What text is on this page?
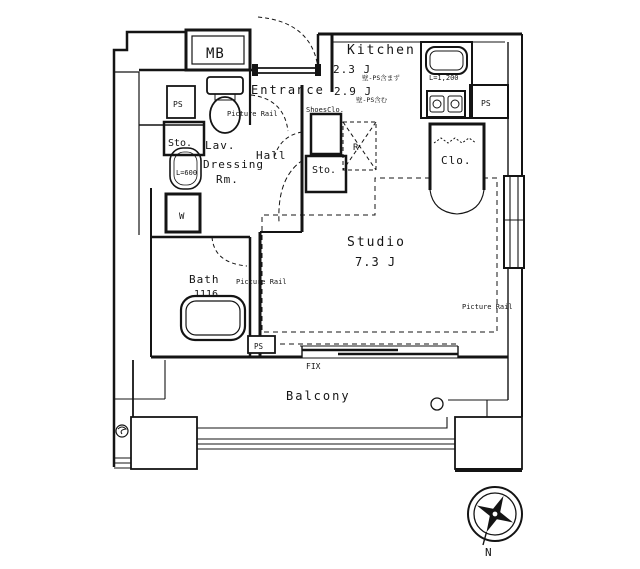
MB	Kitchen
2.3 J
壁-PS含まず
2.9 J
壁-PS含む
L=1,200
PS
Entrance
Picture Rail	ShoesClo.
PS
Sto. Lav.
Dressing
Rm.
L=600
Hall
Sto.
W
R
Clo.
Bath
1116
Picture Rail
Studio
7.3 J
Picture Rail
PS
FIX
Balcony
N
